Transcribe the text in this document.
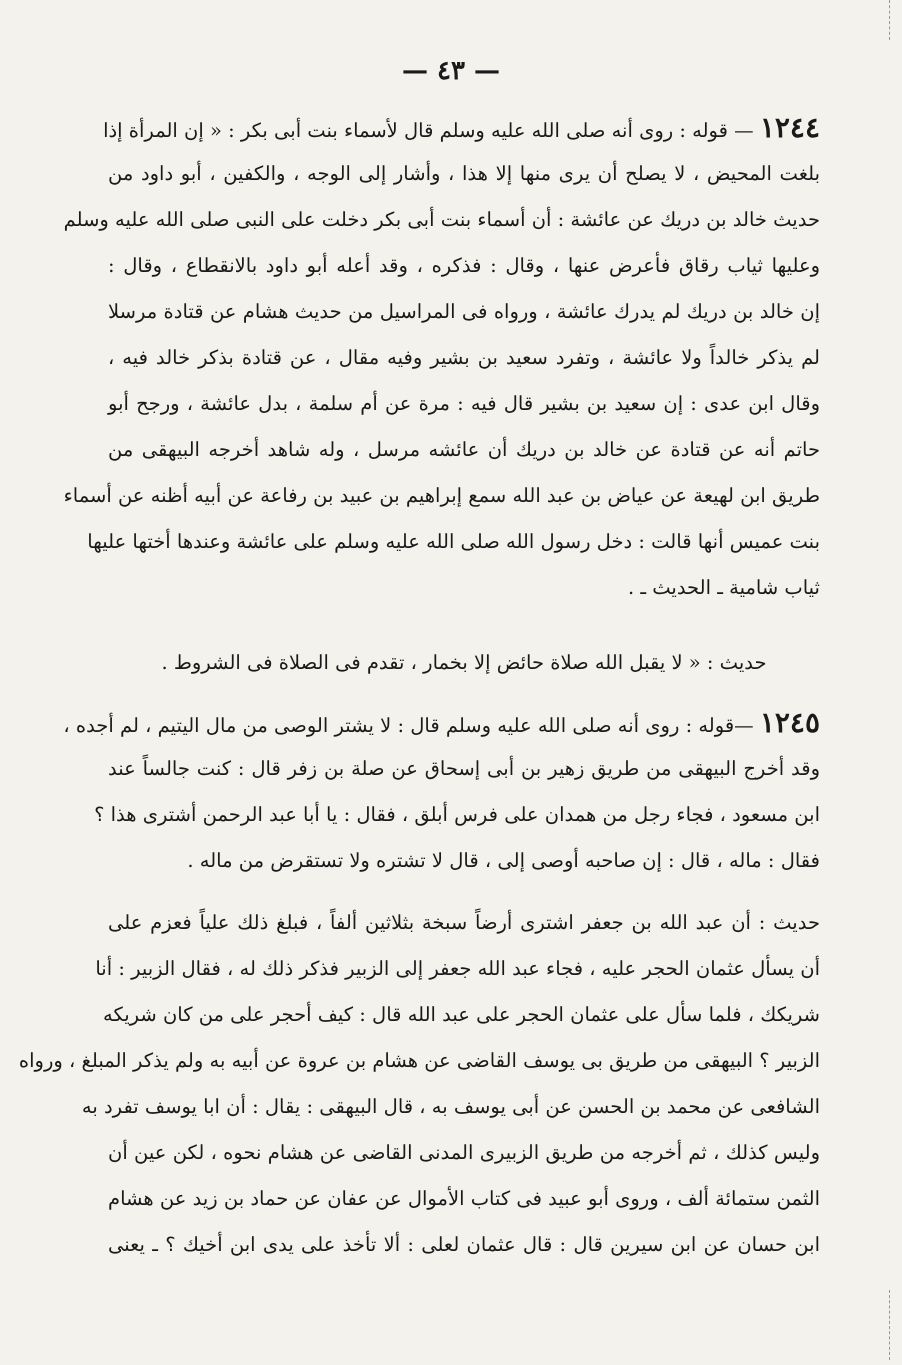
— ٤٣ —
١٢٤٤ — قوله : روى أنه صلى الله عليه وسلم قال لأسماء بنت أبى بكر : « إن المرأة إذا
بلغت المحيض ، لا يصلح أن يرى منها إلا هذا ، وأشار إلى الوجه ، والكفين ، أبو داود من
حديث خالد بن دريك عن عائشة : أن أسماء بنت أبى بكر دخلت على النبى صلى الله عليه وسلم
وعليها ثياب رقاق فأعرض عنها ، وقال : فذكره ، وقد أعله أبو داود بالانقطاع ، وقال :
إن خالد بن دريك لم يدرك عائشة ، ورواه فى المراسيل من حديث هشام عن قتادة مرسلا
لم يذكر خالداً ولا عائشة ، وتفرد سعيد بن بشير وفيه مقال ، عن قتادة بذكر خالد فيه ،
وقال ابن عدى : إن سعيد بن بشير قال فيه : مرة عن أم سلمة ، بدل عائشة ، ورجح أبو
حاتم أنه عن قتادة عن خالد بن دريك أن عائشه مرسل ، وله شاهد أخرجه البيهقى من
طريق ابن لهيعة عن عياض بن عبد الله سمع إبراهيم بن عبيد بن رفاعة عن أبيه أظنه عن أسماء
بنت عميس أنها قالت : دخل رسول الله صلى الله عليه وسلم على عائشة وعندها أختها عليها
ثياب شامية ـ الحديث ـ .
حديث : « لا يقبل الله صلاة حائض إلا بخمار ، تقدم فى الصلاة فى الشروط .
١٢٤٥ —قوله : روى أنه صلى الله عليه وسلم قال : لا يشتر الوصى من مال اليتيم ، لم أجده ،
وقد أخرج البيهقى من طريق زهير بن أبى إسحاق عن صلة بن زفر قال : كنت جالساً عند
ابن مسعود ، فجاء رجل من همدان على فرس أبلق ، فقال : يا أبا عبد الرحمن أشترى هذا ؟
فقال : ماله ، قال : إن صاحبه أوصى إلى ، قال لا تشتره ولا تستقرض من ماله .
حديث : أن عبد الله بن جعفر اشترى أرضاً سبخة بثلاثين ألفاً ، فبلغ ذلك علياً فعزم على
أن يسأل عثمان الحجر عليه ، فجاء عبد الله جعفر إلى الزبير فذكر ذلك له ، فقال الزبير : أنا
شريكك ، فلما سأل على عثمان الحجر على عبد الله قال : كيف أحجر على من كان شريكه
الزبير ؟ البيهقى من طريق بى يوسف القاضى عن هشام بن عروة عن أبيه به ولم يذكر المبلغ ، ورواه
الشافعى عن محمد بن الحسن عن أبى يوسف به ، قال البيهقى : يقال : أن ابا يوسف تفرد به
وليس كذلك ، ثم أخرجه من طريق الزبيرى المدنى القاضى عن هشام نحوه ، لكن عين أن
الثمن ستمائة ألف ، وروى أبو عبيد فى كتاب الأموال عن عفان عن حماد بن زيد عن هشام
ابن حسان عن ابن سيرين قال : قال عثمان لعلى : ألا تأخذ على يدى ابن أخيك ؟ ـ يعنى
